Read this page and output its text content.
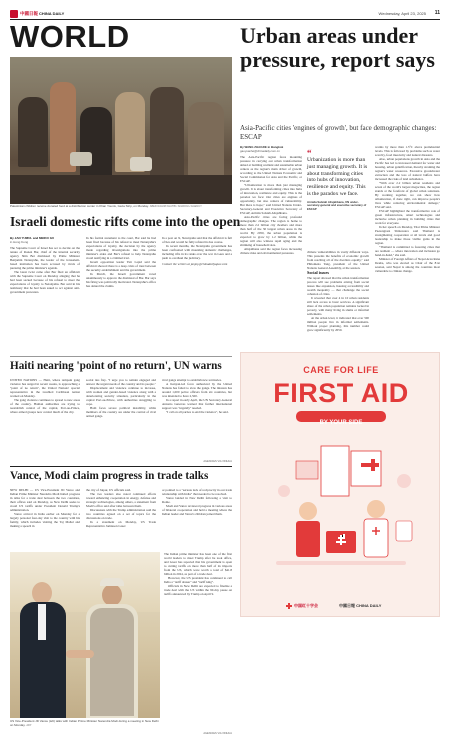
中國日報 CHINA DAILY	Wednesday, April 23, 2025 11
WORLD
Palestinian children receive donated food at a distribution center in Khan Younis, Gaza Strip, on Monday. ABED RAHIM KHATIB / ANADOLU AGENCY
Israeli domestic rifts come into the open
By JAN YUMUL and MEIKO GU
in Hong Kong

The Supreme Court of Israel has set to decide on the tenure of Ronen Bar, chief of the internal security agency Shin Bet dismissed by Prime Minister Benjamin Netanyahu, the leader of the Jerusalem-based institution has been accused by rivals of pursuing the prime minister's agenda.

The latest twist came after Bar filed an affidavit with the Supreme Court on Monday alleging that he had been sacked because of his refusal to meet the expectations of loyalty to Netanyahu. Bar said in his testimony that he had been asked to act against anti-government protesters.

In his formal statement to the court, Bar said he had been fired because of his refusal to meet Netanyahu's expectations of loyalty, the decision by the agency made regarding investigations into the prime minister's aides and Bar's refusal to help Netanyahu avoid testifying in a criminal trial.

Israeli opposition leader Yair Lapid said the affidavit showed there is a deep crisis of trust between the security establishment and the government.

In March, the Israeli government voted unanimously to approve the dismissal of Bar. Bar says his firing was politically motivated. Netanyahu's office has denied the claims.

In a post on X, Netanyahu said that the affidavit is full of lies and would be fully refuted in due course.

In recent months, the Netanyahu government has been confronted with mounting domestic challenges, including rifts in its ranks over the war in Gaza and a push to overhaul the judiciary.

Contact the writers at janjoy@chinadailyapac.com

Urban areas under pressure, report says
Asia-Pacific cities 'engines of growth', but face demographic changes: ESCAP
By WANG ZHAOJIE in Bangkok
gaoyuanfei@chinadaily.com.cn

The Asia-Pacific region faces mounting pressure in carrying out urban transformation aimed at building resilient and sustainable urban centers as the region's main driver of growth, according to the United Nations Economic and Social Commission for Asia and the Pacific, or ESCAP.

"Urbanization is more than just managing growth. It is about transforming cities into hubs of innovation, resilience and equity. This is the paradox we face: Our cities are engines of opportunity, but also centers of vulnerability. But there is hope," said United Nations Under-Secretary-General and Executive Secretary of ESCAP, Armida Salsiah Alisjahbana.

Asia-Pacific cities are facing profound demographic changes. The region is home to more than 2.2 billion city dwellers and more than half of the 30 largest urban areas in the world. By 2050, the urban population is expected to grow by 1.2 billion, while the region will also witness rapid aging and the shrinking of household size.

Alisjahbana said the region faces increasing climate risks and environmental pressures.

“
Urbanization is more than just managing growth. It is about transforming cities into hubs of innovation, resilience and equity. This is the paradox we face.
Armida Salsiah Alisjahbana, UN under-secretary-general and executive secretary of ESCAP

climate vulnerabilities in vastly different ways. This presents the benefits of economic growth from reaching all of the dwellers equally," said Philomena Tang, president of the United Nations General Assembly, at the session.

Social issues

The report showed that the urban transformation process will see problems arising from social issues like expansion, housing accessibility and wealth inequality — that challenge the social cohesion of cities.

It revealed that over 4 in 10 urban residents still lack access to basic services. A significant share of the urban population remains locked in poverty, with many living in slums or informal settlements.

At the urban level, it indicated that over 500 million people live in informal settlements. Without proper planning, this number could grow significantly by 2050.

warms by more than 1.5°C above preindustrial levels. This is followed by problems such as water scarcity, food insecurity and natural disasters.

Also, urban populations growth in Asia and the Pacific has led to increased demand for water and housing, urban gentrification, thereby straining the region's water resources. Excessive groundwater extraction and the loss of natural buffers have increased the risks of land subsidence.

"With over 2.2 billion urban residents and seven of the world's largest megacities, the region stands at the forefront of global urban solutions. By working together, we can show how urbanization, if done right, can improve people's lives while reducing environmental damage," ESCAP said.

ESCAP highlighted the transformative role of green infrastructure, smart technologies and inclusive urban planning in building cities that work for everyone.

In her speech on Monday, Thai Prime Minister Paetongtarn Shinawatra said Thailand is strengthening cooperation at all levels and good leadership to make those visible gains in the region.

"Thailand is committed to fostering cities that are resilient — where innovation and inclusion go hand-in-hand," she said.

Minister of Foreign Affairs of Nepal Arzu Rana Deuba, who was elected as Chair of the 81st session, said Nepal is among the countries most vulnerable to climate change.

Haiti nearing 'point of no return', UN warns

UNITED NATIONS — Haiti, where rampant gang violence has surged in recent weeks, is approaching a "point of no return", the United Nations' special representative in the troubled Caribbean nation warned on Monday.

The gang violence continues to spread to new areas of the country. Haitian authorities are trying to reestablish control of the capital, Port-au-Prince, where armed groups now control much of the city.

social ties fray. "I urge you to remain engaged and answer the urgent needs of the country and its people."

Displacement and violence continue to increase, with women and gender-based violence along with a deteriorating security situation, particularly in the capital Port-au-Prince, with authorities struggling to cope.

Haiti faces severe political instability, while members of the country are under the control of rival armed gangs.

rival gangs attempt to establish new territories.

A Kenyan-led force authorized by the United Nations has failed to slow the gangs. The mission has around 1,000 police officers from six countries, but was intended to have 2,500.

In a report in early April, the UN Secretary-General Antonio Guterres warned that further international support was "urgently" needed.

"I call on all parties to end the violence", he said.

AGENCIES VIA XINHUA
CARE FOR LIFE
FIRST AID
BY YOUR SIDE
中国红十字会	中國日報 CHINA DAILY
Vance, Modi claim progress in trade talks

NEW DELHI — US Vice-President JD Vance and Indian Prime Minister Narendra Modi hailed progress in talks for a trade deal between the two countries, their offices said on Monday, as New Delhi seeks to avoid US tariffs under President Donald Trump's administration.

Vance arrived in India earlier on Monday for a largely personal four-day visit to the country with his family, which includes visiting the Taj Mahal and making a speech in

the city of Jaipur, US officials said.

The two leaders also noted continued efforts toward enhancing cooperation in energy, defense and strategic technologies, among others, a statement from Modi's office said after talks between them.

Discussions with the Trump administration said the two countries agreed on a set of topics for the discussions on trade.

In a statement on Monday, US Trade Representative Jamieson Greer

or pointed to a "serious lack of reciprocity in our trade relationship with India" that needed to be resolved.

Vance landed in New Delhi following a visit to Rome.

Modi and Vance reviewed progress in various areas of bilateral cooperation and held a meeting where the Indian leader and Vance's children joined them.

US Vice-President JD Vance (left) talks with Indian Prime Minister Narendra Modi during a meeting in New Delhi on Monday. AFP

The Indian prime minister has been one of the first world leaders to meet Trump after he took office, and Greer has reported that his government is open to cutting tariffs on more than half of its imports from the US, which were worth a total of $41.8 billion in 2024, as part of a trade deal.

However, the US president has continued to call India a "tariff abuser" and "tariff king".

Officials in New Delhi are expected to finalize a trade deal with the US within the 90-day pause on tariffs announced by Trump on April 9.

AGENCIES VIA XINHUA
